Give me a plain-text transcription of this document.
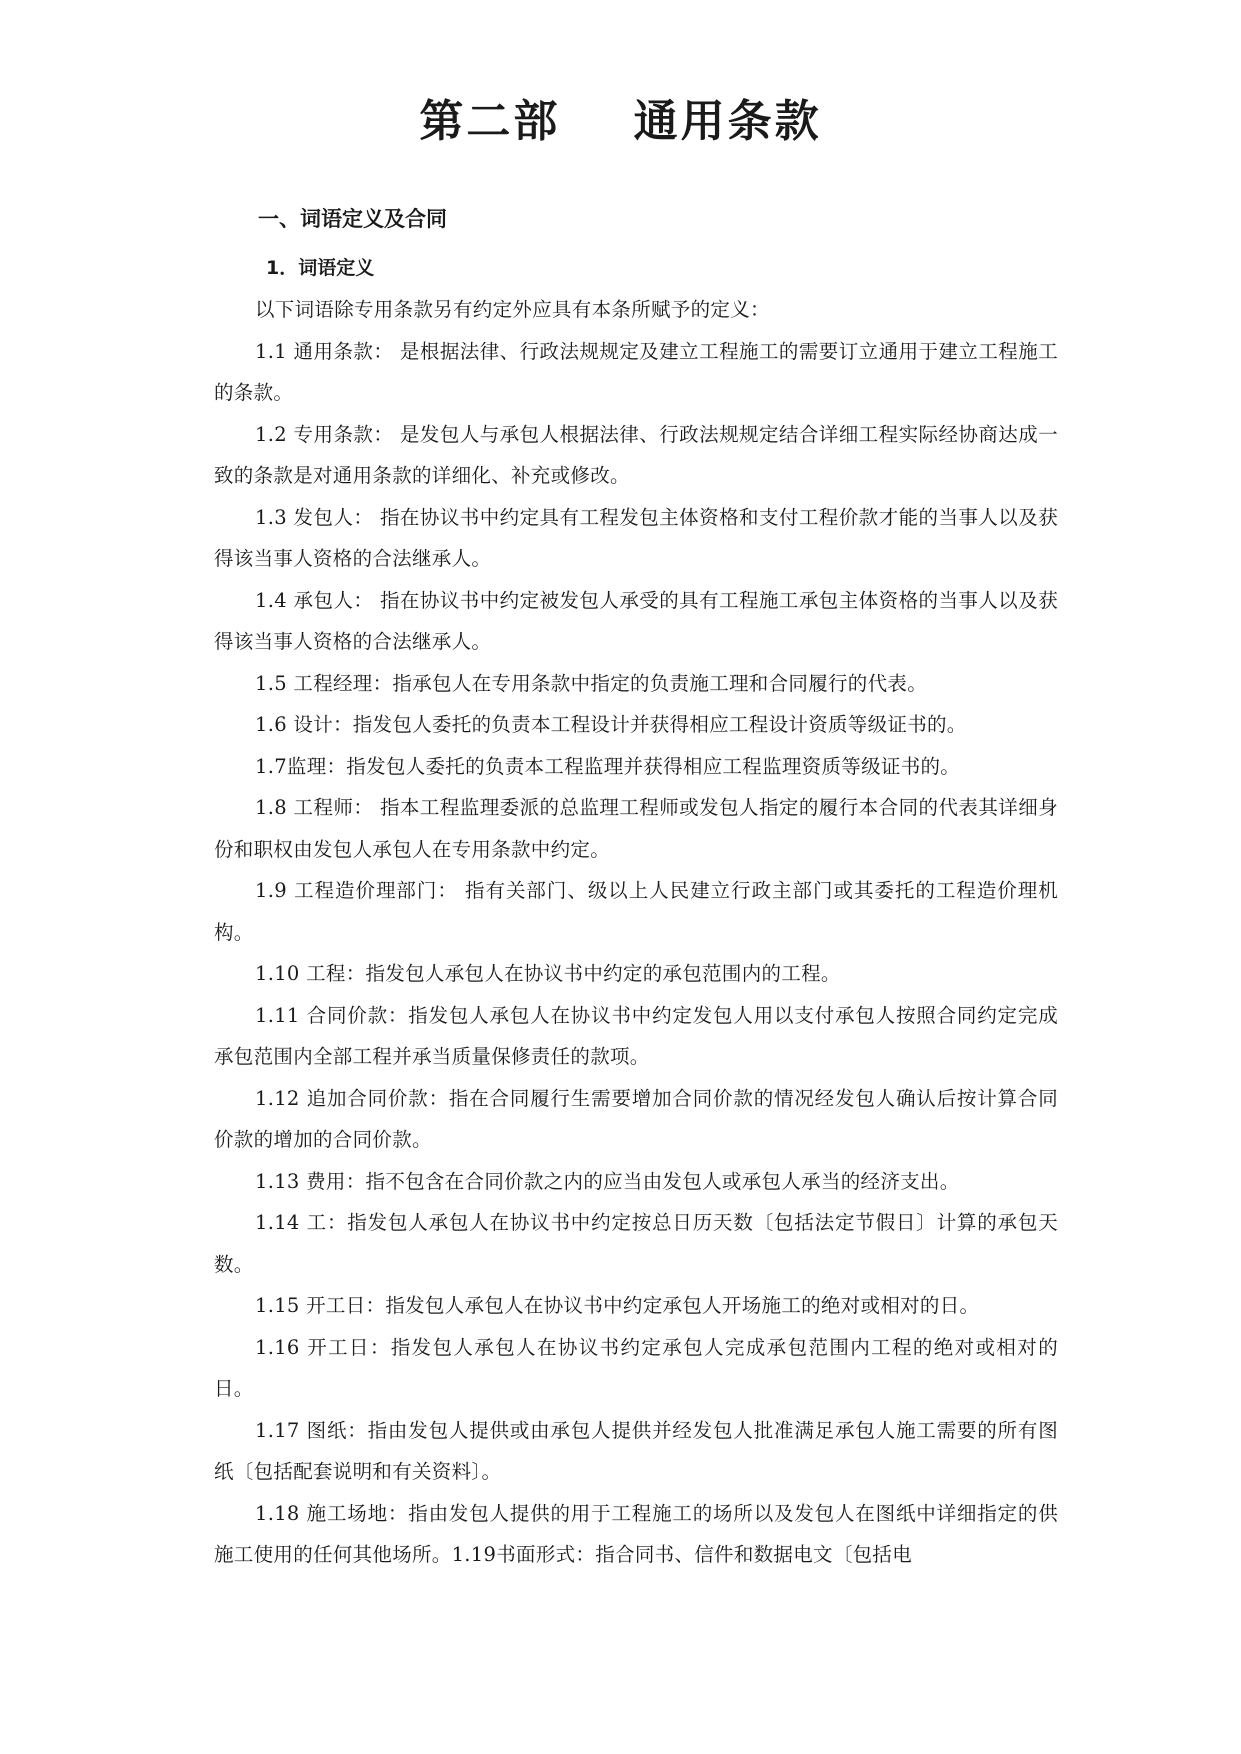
第二部    通用条款
一、词语定义及合同
1．词语定义

以下词语除专用条款另有约定外应具有本条所赋予的定义：

1.1 通用条款： 是根据法律、行政法规规定及建立工程施工的需要订立通用于建立工程施工的条款。

1.2 专用条款： 是发包人与承包人根据法律、行政法规规定结合详细工程实际经协商达成一致的条款是对通用条款的详细化、补充或修改。

1.3 发包人： 指在协议书中约定具有工程发包主体资格和支付工程价款才能的当事人以及获得该当事人资格的合法继承人。

1.4 承包人： 指在协议书中约定被发包人承受的具有工程施工承包主体资格的当事人以及获得该当事人资格的合法继承人。

1.5 工程经理：指承包人在专用条款中指定的负责施工理和合同履行的代表。

1.6 设计：指发包人委托的负责本工程设计并获得相应工程设计资质等级证书的。

1.7监理：指发包人委托的负责本工程监理并获得相应工程监理资质等级证书的。

1.8 工程师： 指本工程监理委派的总监理工程师或发包人指定的履行本合同的代表其详细身份和职权由发包人承包人在专用条款中约定。

1.9 工程造价理部门： 指有关部门、级以上人民建立行政主部门或其委托的工程造价理机构。

1.10 工程：指发包人承包人在协议书中约定的承包范围内的工程。

1.11 合同价款：指发包人承包人在协议书中约定发包人用以支付承包人按照合同约定完成承包范围内全部工程并承当质量保修责任的款项。

1.12 追加合同价款：指在合同履行生需要增加合同价款的情况经发包人确认后按计算合同价款的增加的合同价款。

1.13 费用：指不包含在合同价款之内的应当由发包人或承包人承当的经济支出。

1.14 工：指发包人承包人在协议书中约定按总日历天数〔包括法定节假日〕计算的承包天数。

1.15 开工日：指发包人承包人在协议书中约定承包人开场施工的绝对或相对的日。

1.16 开工日：指发包人承包人在协议书约定承包人完成承包范围内工程的绝对或相对的日。

1.17 图纸：指由发包人提供或由承包人提供并经发包人批准满足承包人施工需要的所有图纸〔包括配套说明和有关资料〕。

1.18 施工场地：指由发包人提供的用于工程施工的场所以及发包人在图纸中详细指定的供施工使用的任何其他场所。1.19书面形式：指合同书、信件和数据电文〔包括电
